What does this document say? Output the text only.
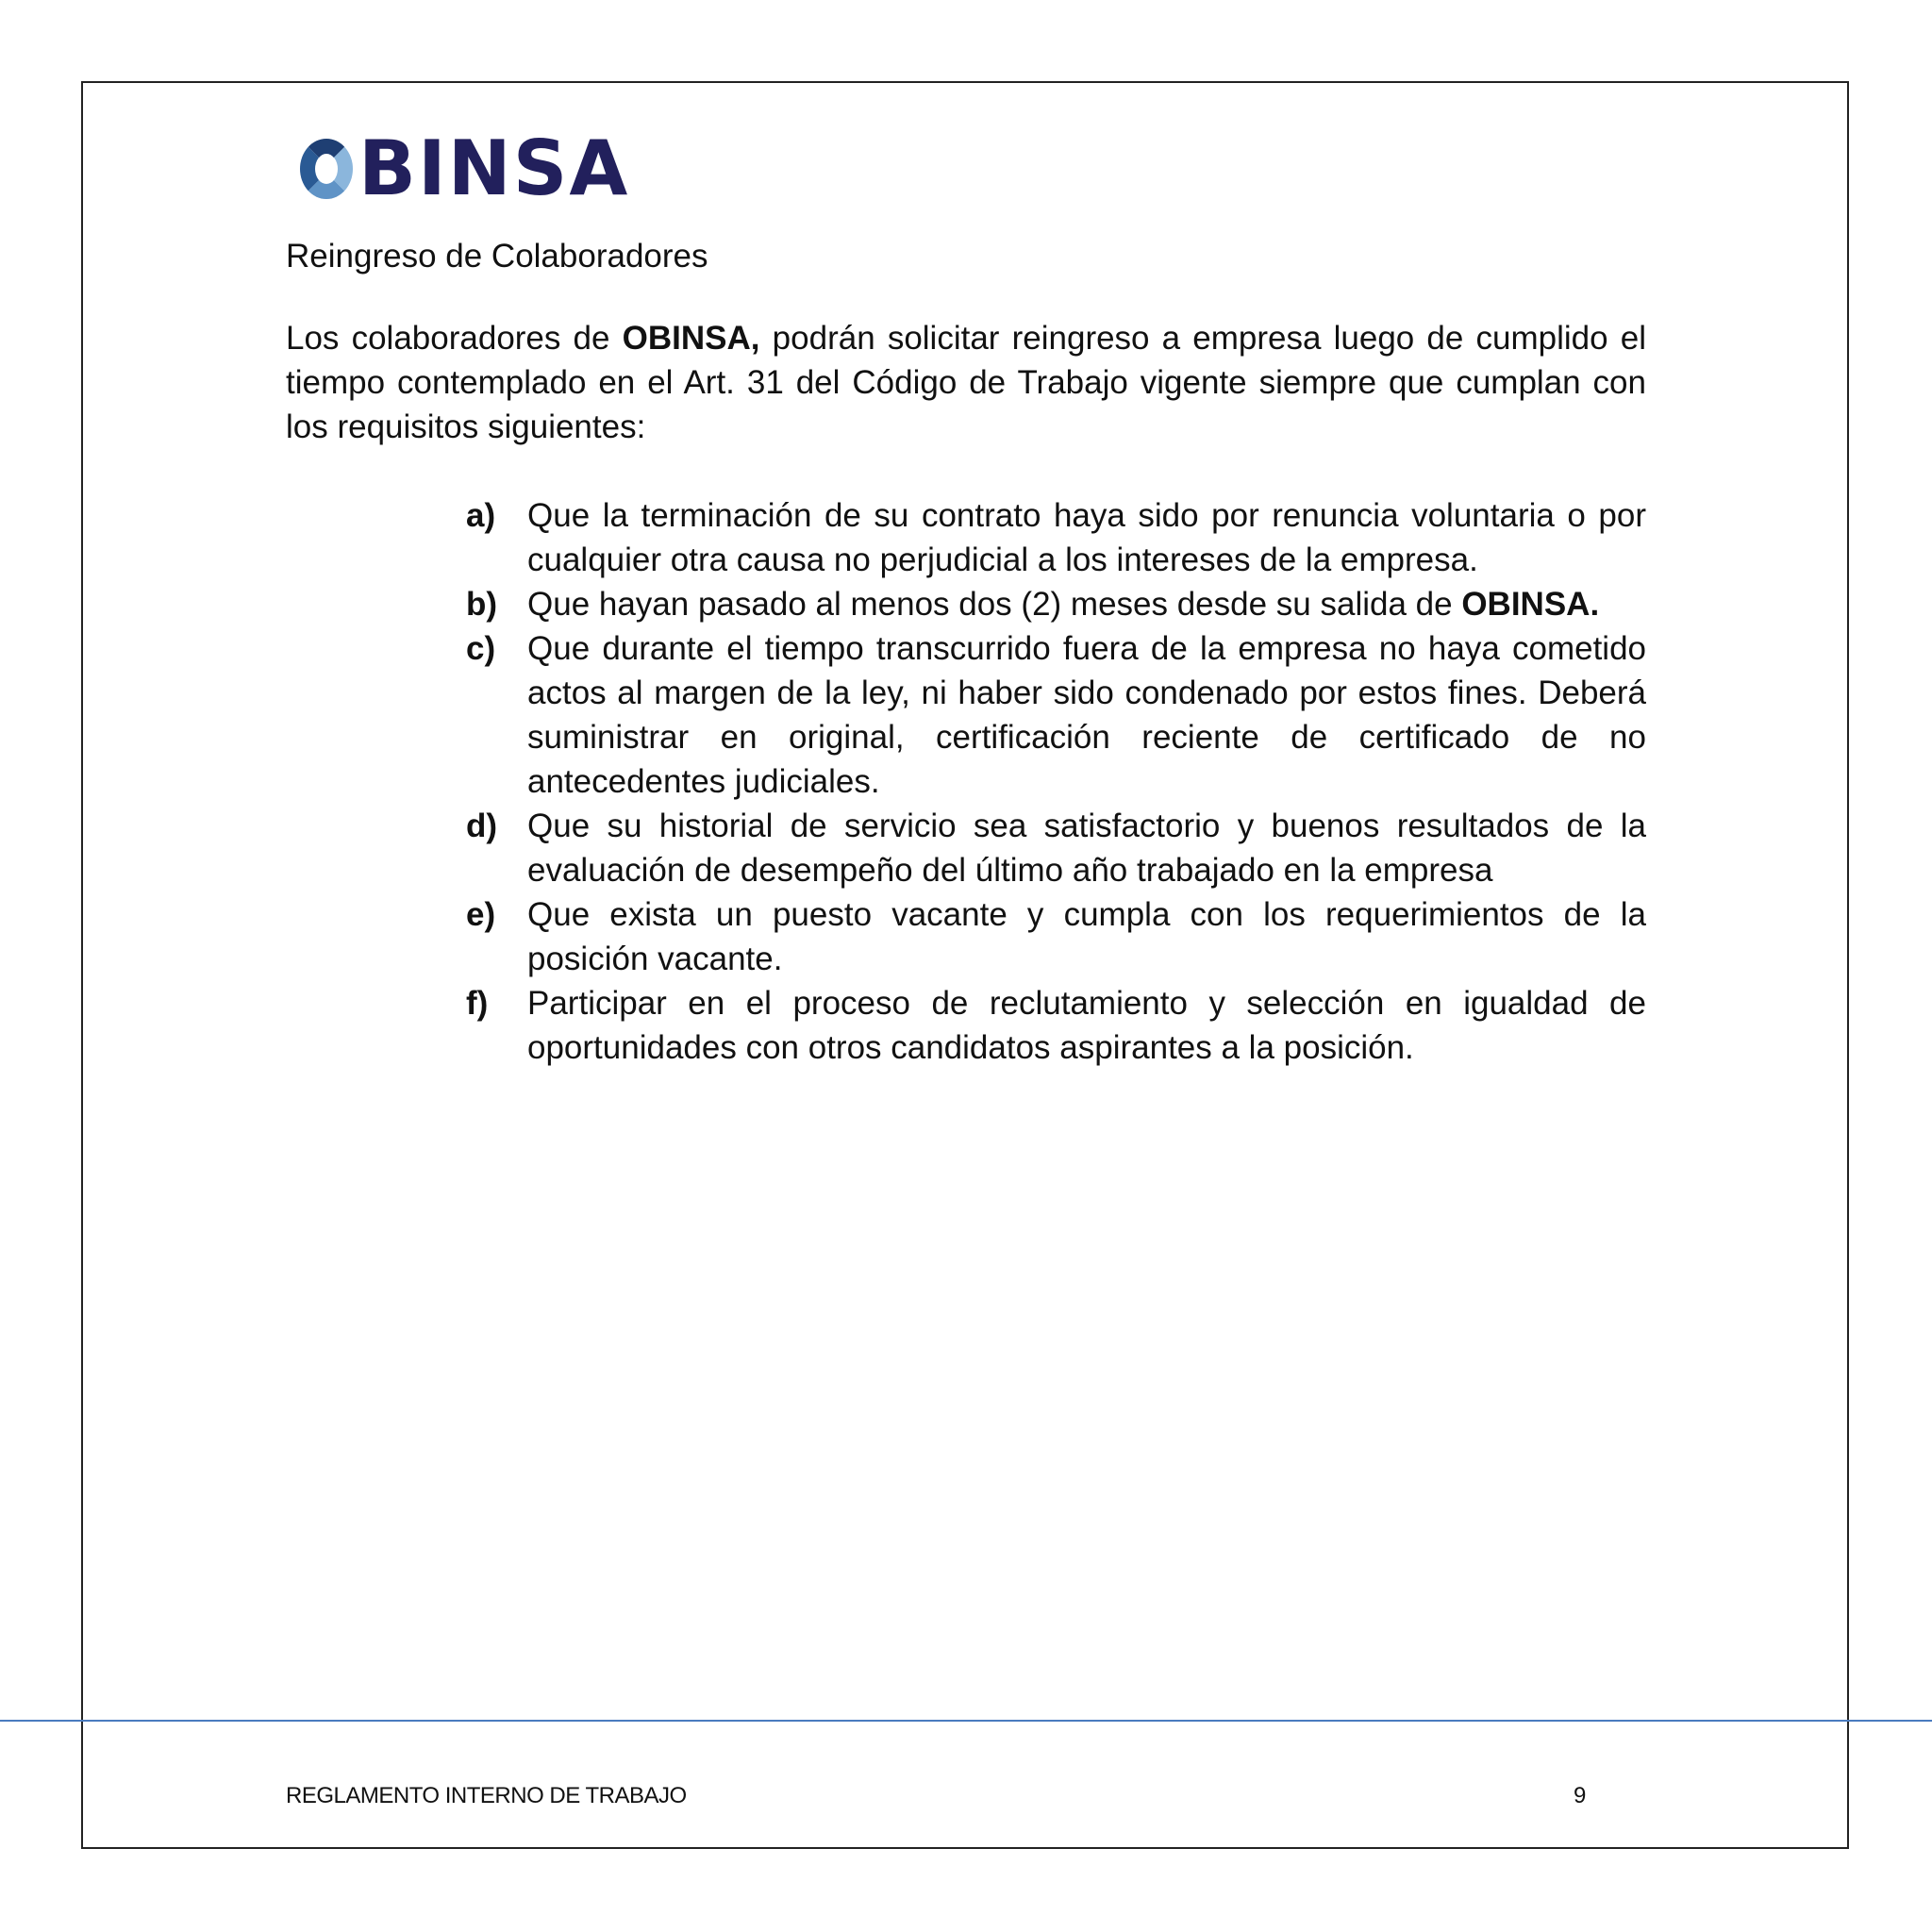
BINSA
Reingreso de Colaboradores

Los colaboradores de OBINSA, podrán solicitar reingreso a empresa luego de cumplido el tiempo contemplado en el Art. 31 del Código de Trabajo vigente siempre que cumplan con los requisitos siguientes:

a) Que la terminación de su contrato haya sido por renuncia voluntaria o por cualquier otra causa no perjudicial a los intereses de la empresa.
b) Que hayan pasado al menos dos (2) meses desde su salida de OBINSA.
c) Que durante el tiempo transcurrido fuera de la empresa no haya cometido actos al margen de la ley, ni haber sido condenado por estos fines. Deberá suministrar en original, certificación reciente de certificado de no antecedentes judiciales.
d) Que su historial de servicio sea satisfactorio y buenos resultados de la evaluación de desempeño del último año trabajado en la empresa
e) Que exista un puesto vacante y cumpla con los requerimientos de la posición vacante.
f)	Participar en el proceso de reclutamiento y selección en igualdad de oportunidades con otros candidatos aspirantes a la posición.
REGLAMENTO INTERNO DE TRABAJO	9
